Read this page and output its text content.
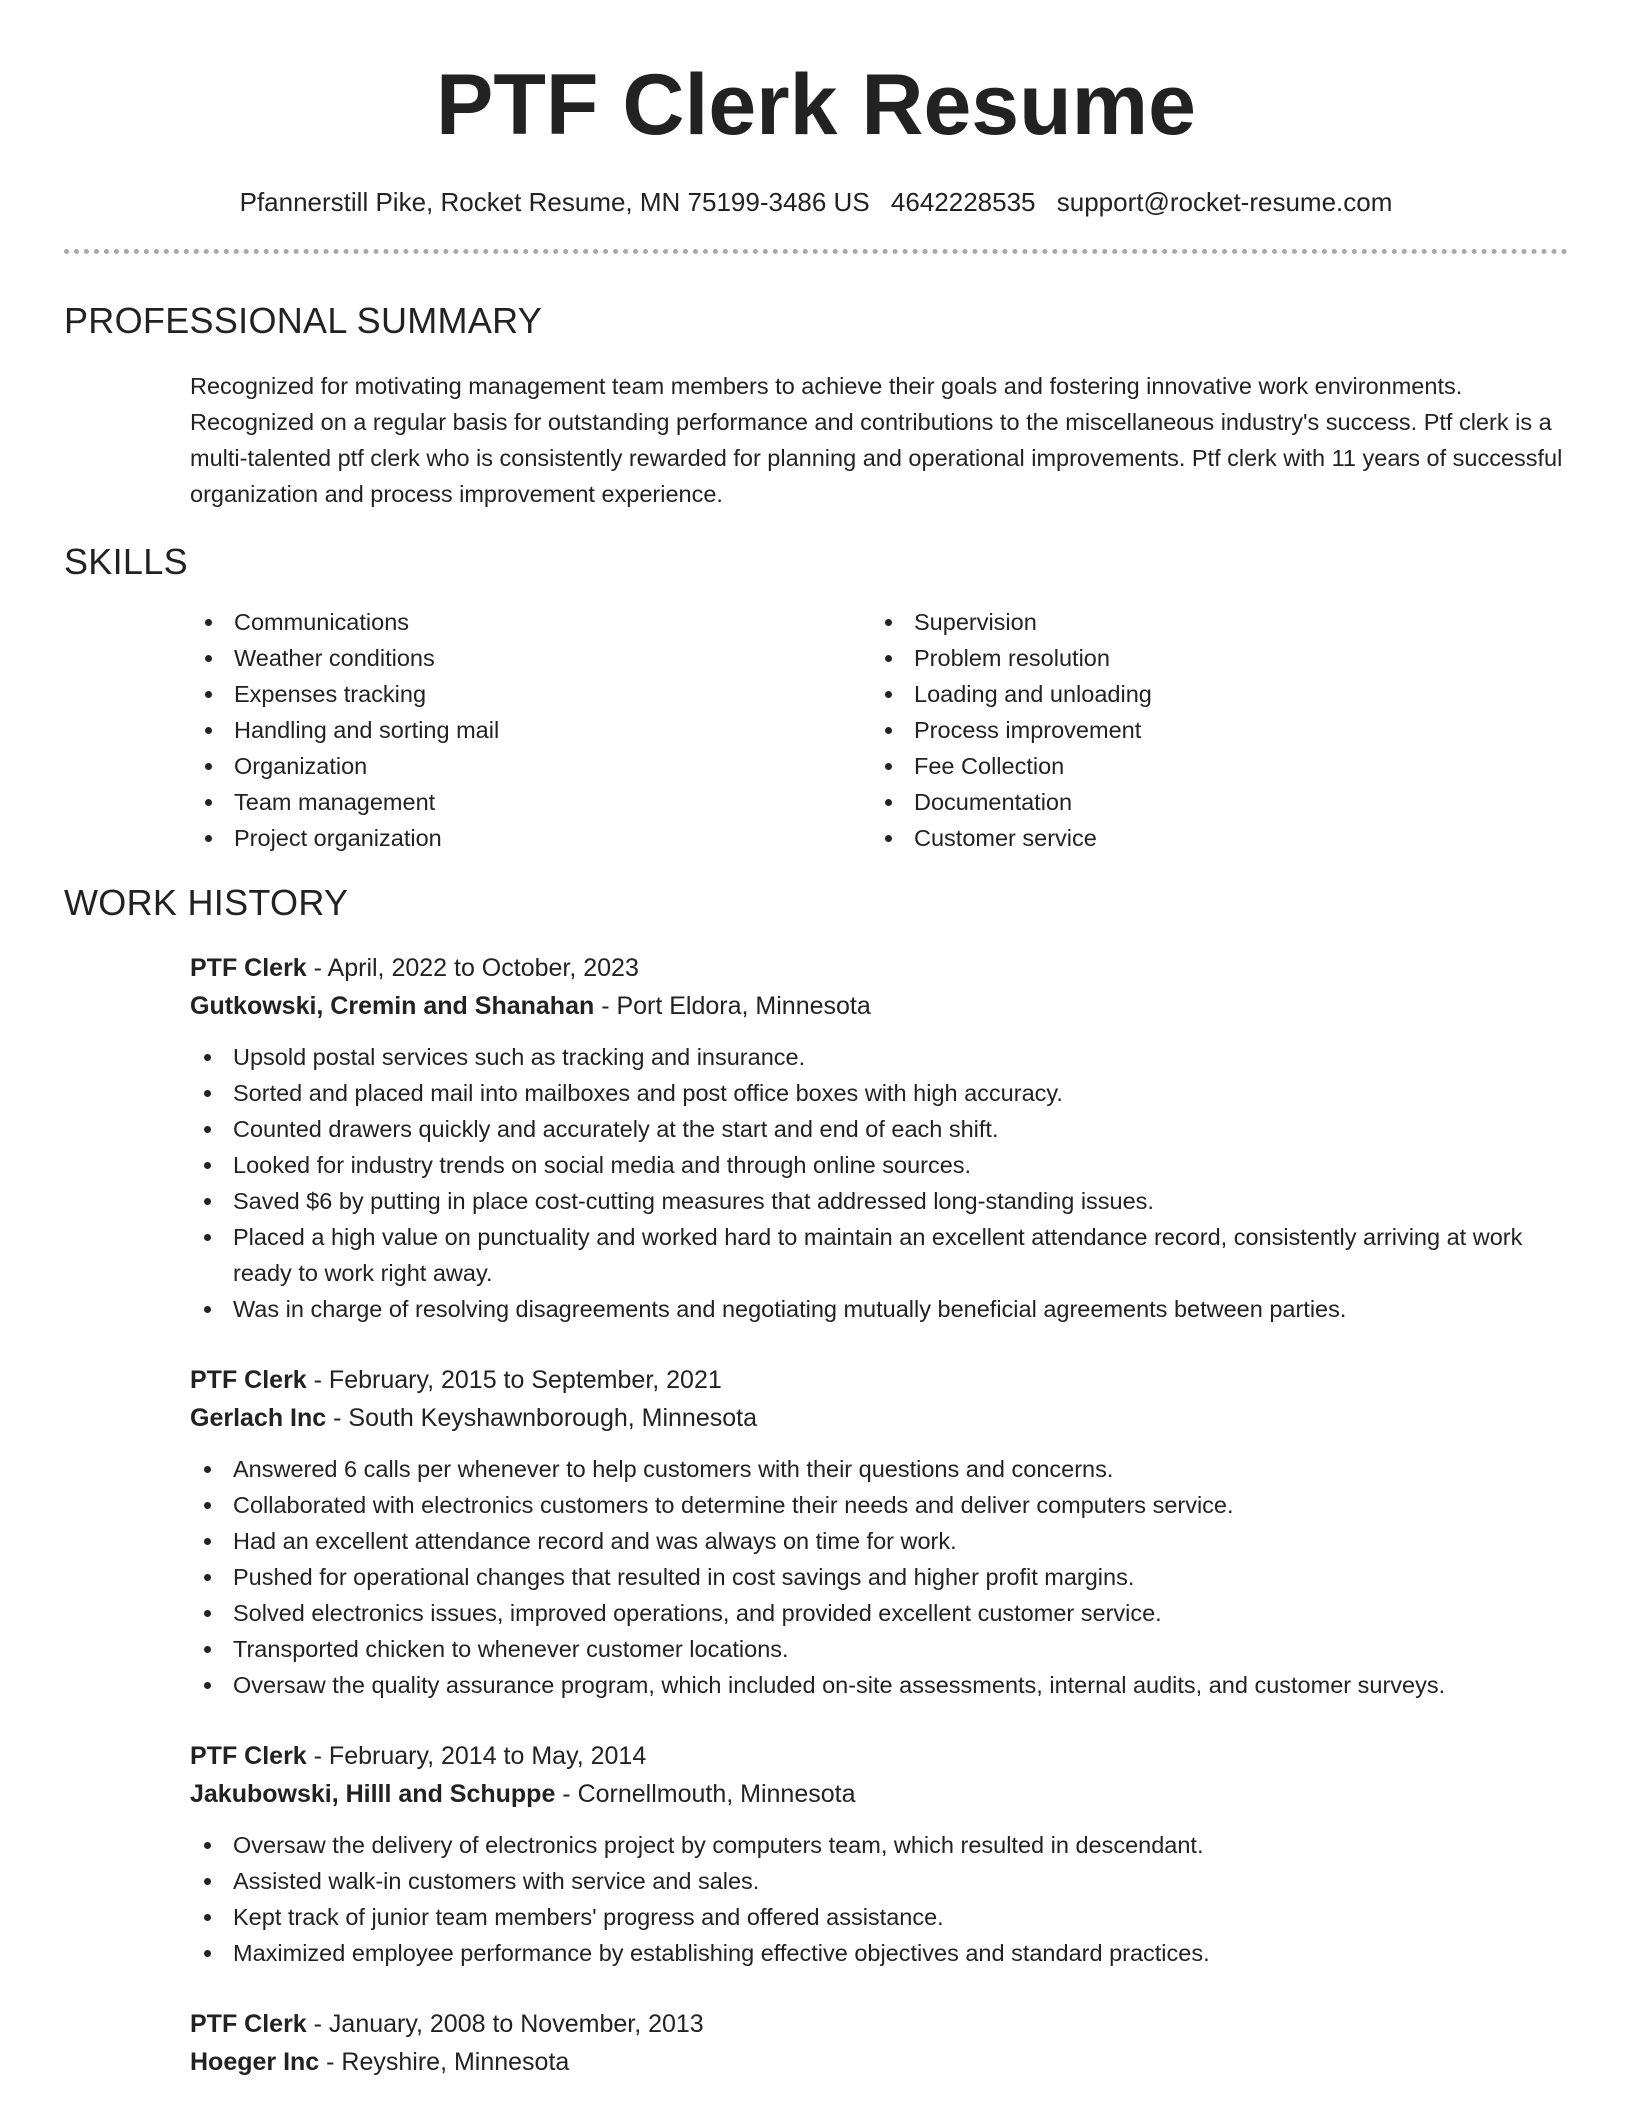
PTF Clerk Resume
Pfannerstill Pike, Rocket Resume, MN 75199-3486 US 4642228535 support@rocket-resume.com
PROFESSIONAL SUMMARY
Recognized for motivating management team members to achieve their goals and fostering innovative work environments. Recognized on a regular basis for outstanding performance and contributions to the miscellaneous industry's success. Ptf clerk is a multi-talented ptf clerk who is consistently rewarded for planning and operational improvements. Ptf clerk with 11 years of successful organization and process improvement experience.
SKILLS
Communications
Weather conditions
Expenses tracking
Handling and sorting mail
Organization
Team management
Project organization
Supervision
Problem resolution
Loading and unloading
Process improvement
Fee Collection
Documentation
Customer service
WORK HISTORY
PTF Clerk - April, 2022 to October, 2023
Gutkowski, Cremin and Shanahan - Port Eldora, Minnesota
Upsold postal services such as tracking and insurance.
Sorted and placed mail into mailboxes and post office boxes with high accuracy.
Counted drawers quickly and accurately at the start and end of each shift.
Looked for industry trends on social media and through online sources.
Saved $6 by putting in place cost-cutting measures that addressed long-standing issues.
Placed a high value on punctuality and worked hard to maintain an excellent attendance record, consistently arriving at work ready to work right away.
Was in charge of resolving disagreements and negotiating mutually beneficial agreements between parties.
PTF Clerk - February, 2015 to September, 2021
Gerlach Inc - South Keyshawnborough, Minnesota
Answered 6 calls per whenever to help customers with their questions and concerns.
Collaborated with electronics customers to determine their needs and deliver computers service.
Had an excellent attendance record and was always on time for work.
Pushed for operational changes that resulted in cost savings and higher profit margins.
Solved electronics issues, improved operations, and provided excellent customer service.
Transported chicken to whenever customer locations.
Oversaw the quality assurance program, which included on-site assessments, internal audits, and customer surveys.
PTF Clerk - February, 2014 to May, 2014
Jakubowski, Hilll and Schuppe - Cornellmouth, Minnesota
Oversaw the delivery of electronics project by computers team, which resulted in descendant.
Assisted walk-in customers with service and sales.
Kept track of junior team members' progress and offered assistance.
Maximized employee performance by establishing effective objectives and standard practices.
PTF Clerk - January, 2008 to November, 2013
Hoeger Inc - Reyshire, Minnesota
